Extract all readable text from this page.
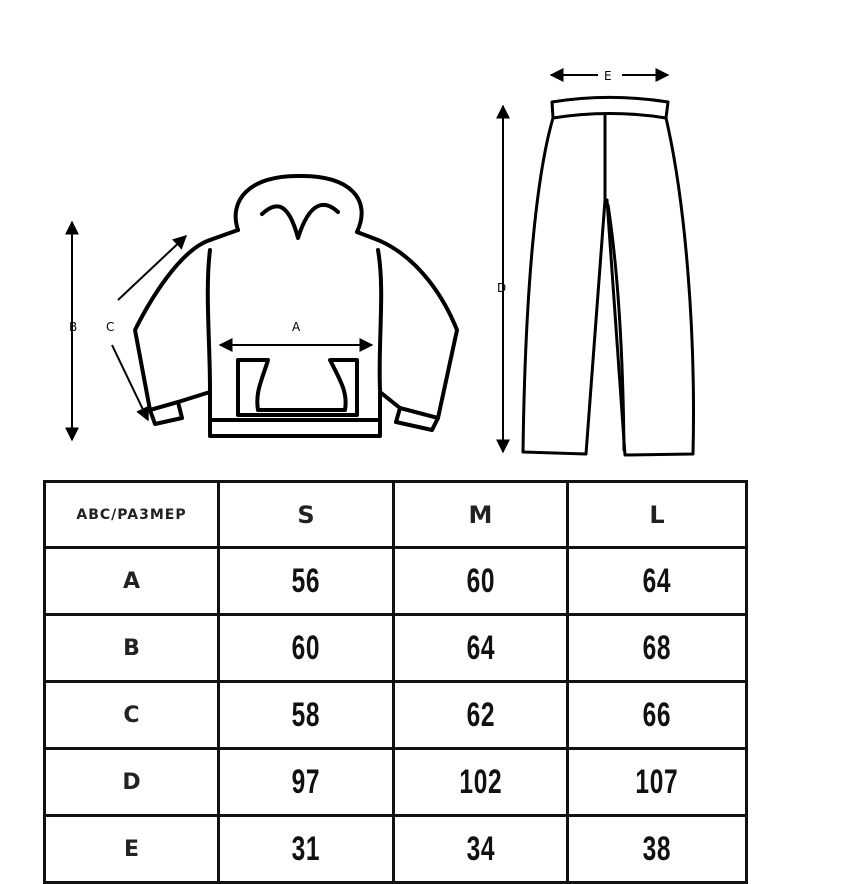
A
B C
D
E
ABC/PA3MEP	S	M	L
A	56	60	64
B	60	64	68
C	58	62	66
D	97	102	107
E	31	34	38
